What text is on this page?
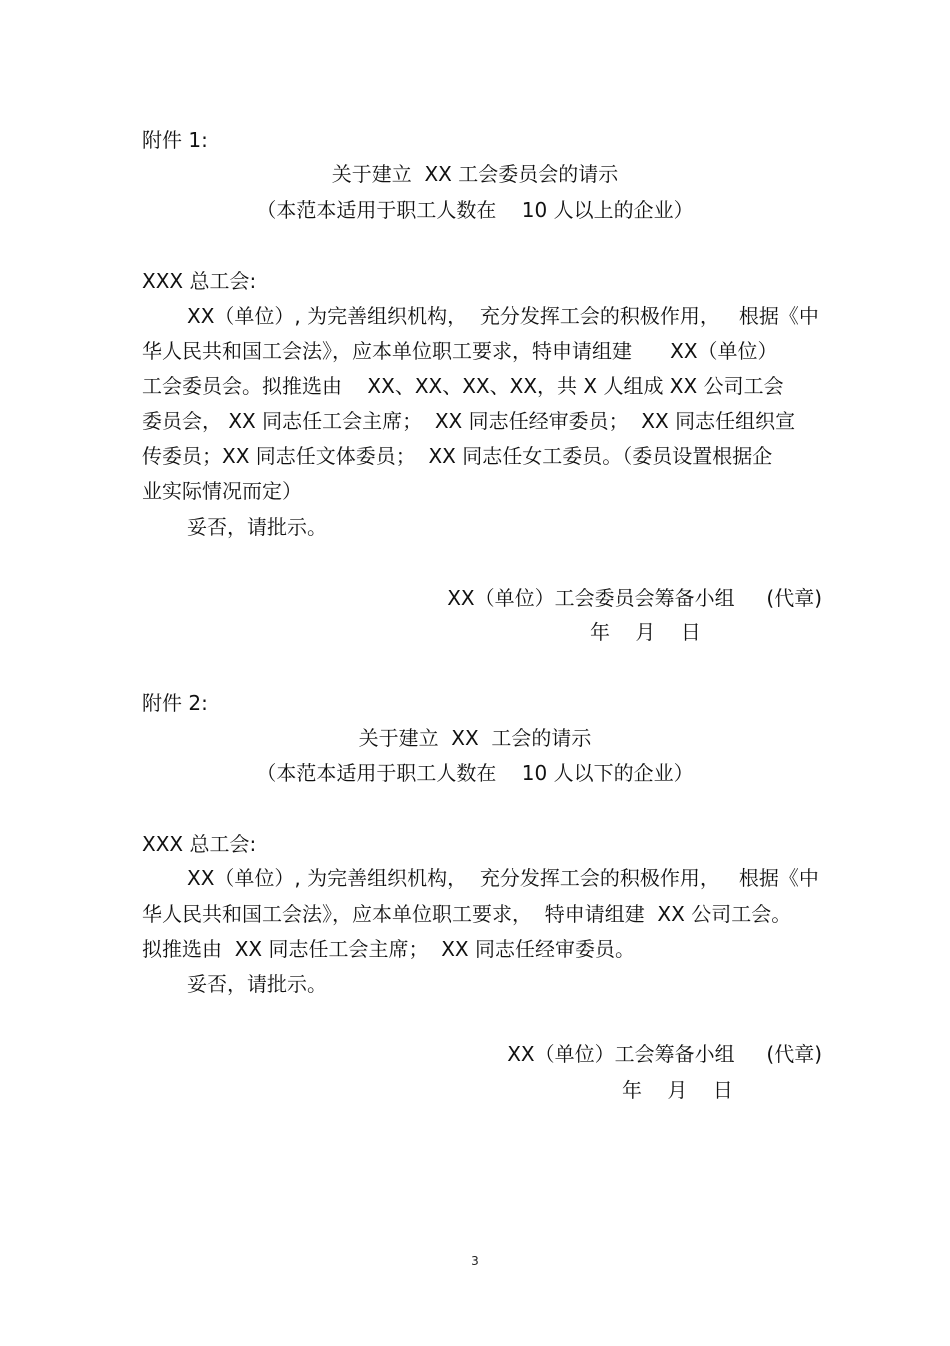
附件 1:
关于建立  XX 工会委员会的请示
（本范本适用于职工人数在    10 人以上的企业）
XXX 总工会:
XX（单位）, 为完善组织机构，  充分发挥工会的积极作用，   根据《中
华人民共和国工会法》，应本单位职工要求，特申请组建      XX（单位）
工会委员会。拟推选由    XX、XX、XX、XX，共 X 人组成 XX 公司工会
委员会， XX 同志任工会主席；  XX 同志任经审委员；  XX 同志任组织宣
传委员；XX 同志任文体委员；  XX 同志任女工委员。（委员设置根据企
业实际情况而定）
妥否，请批示。
XX（单位）工会委员会筹备小组     (代章)
年    月    日
附件 2:
关于建立  XX  工会的请示
（本范本适用于职工人数在    10 人以下的企业）
XXX 总工会:
XX（单位）, 为完善组织机构，  充分发挥工会的积极作用，   根据《中
华人民共和国工会法》，应本单位职工要求，  特申请组建  XX 公司工会。
拟推选由  XX 同志任工会主席；  XX 同志任经审委员。
妥否，请批示。
XX（单位）工会筹备小组     (代章)
年    月    日
3
